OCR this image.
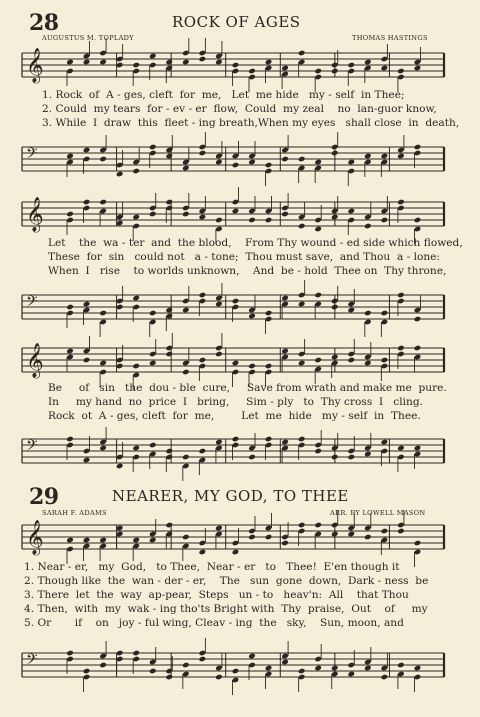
28	ROCK OF AGES
AUGUSTUS M. TOPLADY	THOMAS HASTINGS
𝄞
1. Rock  of  A - ges, cleft  for  me,   Let  me hide   my - self  in Thee;
2. Could  my tears  for - ev - er  flow,  Could  my zeal    no  lan-guor know,
3. While  I  draw  this  fleet - ing breath,When my eyes   shall close  in  death,
𝄢
𝄞
Let    the  wa - ter  and  the blood,    From Thy wound - ed side which flowed,
These  for  sin   could not   a - tone;  Thou must save,  and Thou  a - lone:
When  I   rise    to worlds unknown,    And  be - hold  Thee on  Thy throne,
𝄢
𝄞
Be     of   sin   the  dou - ble  cure,     Save from wrath and make me  pure.
In     my hand  no  price  I   bring,     Sim - ply   to  Thy cross  I   cling.
Rock  ot  A - ges, cleft  for  me,        Let  me  hide   my - self  in  Thee.
𝄢
29	NEARER, MY GOD, TO THEE
SARAH F. ADAMS	ARR. BY LOWELL MASON
𝄞
1. Near - er,   my  God,   to Thee,  Near - er   to   Thee!  E'en though it
2. Though like  the  wan - der - er,    The   sun  gone  down,  Dark - ness  be
3. There  let  the  way  ap-pear,  Steps   un - to   heav'n:  All    that Thou
4. Then,  with  my  wak - ing tho'ts Bright with  Thy  praise,  Out    of     my
5. Or       if    on   joy - ful wing, Cleav - ing  the   sky,    Sun, moon, and
𝄢
